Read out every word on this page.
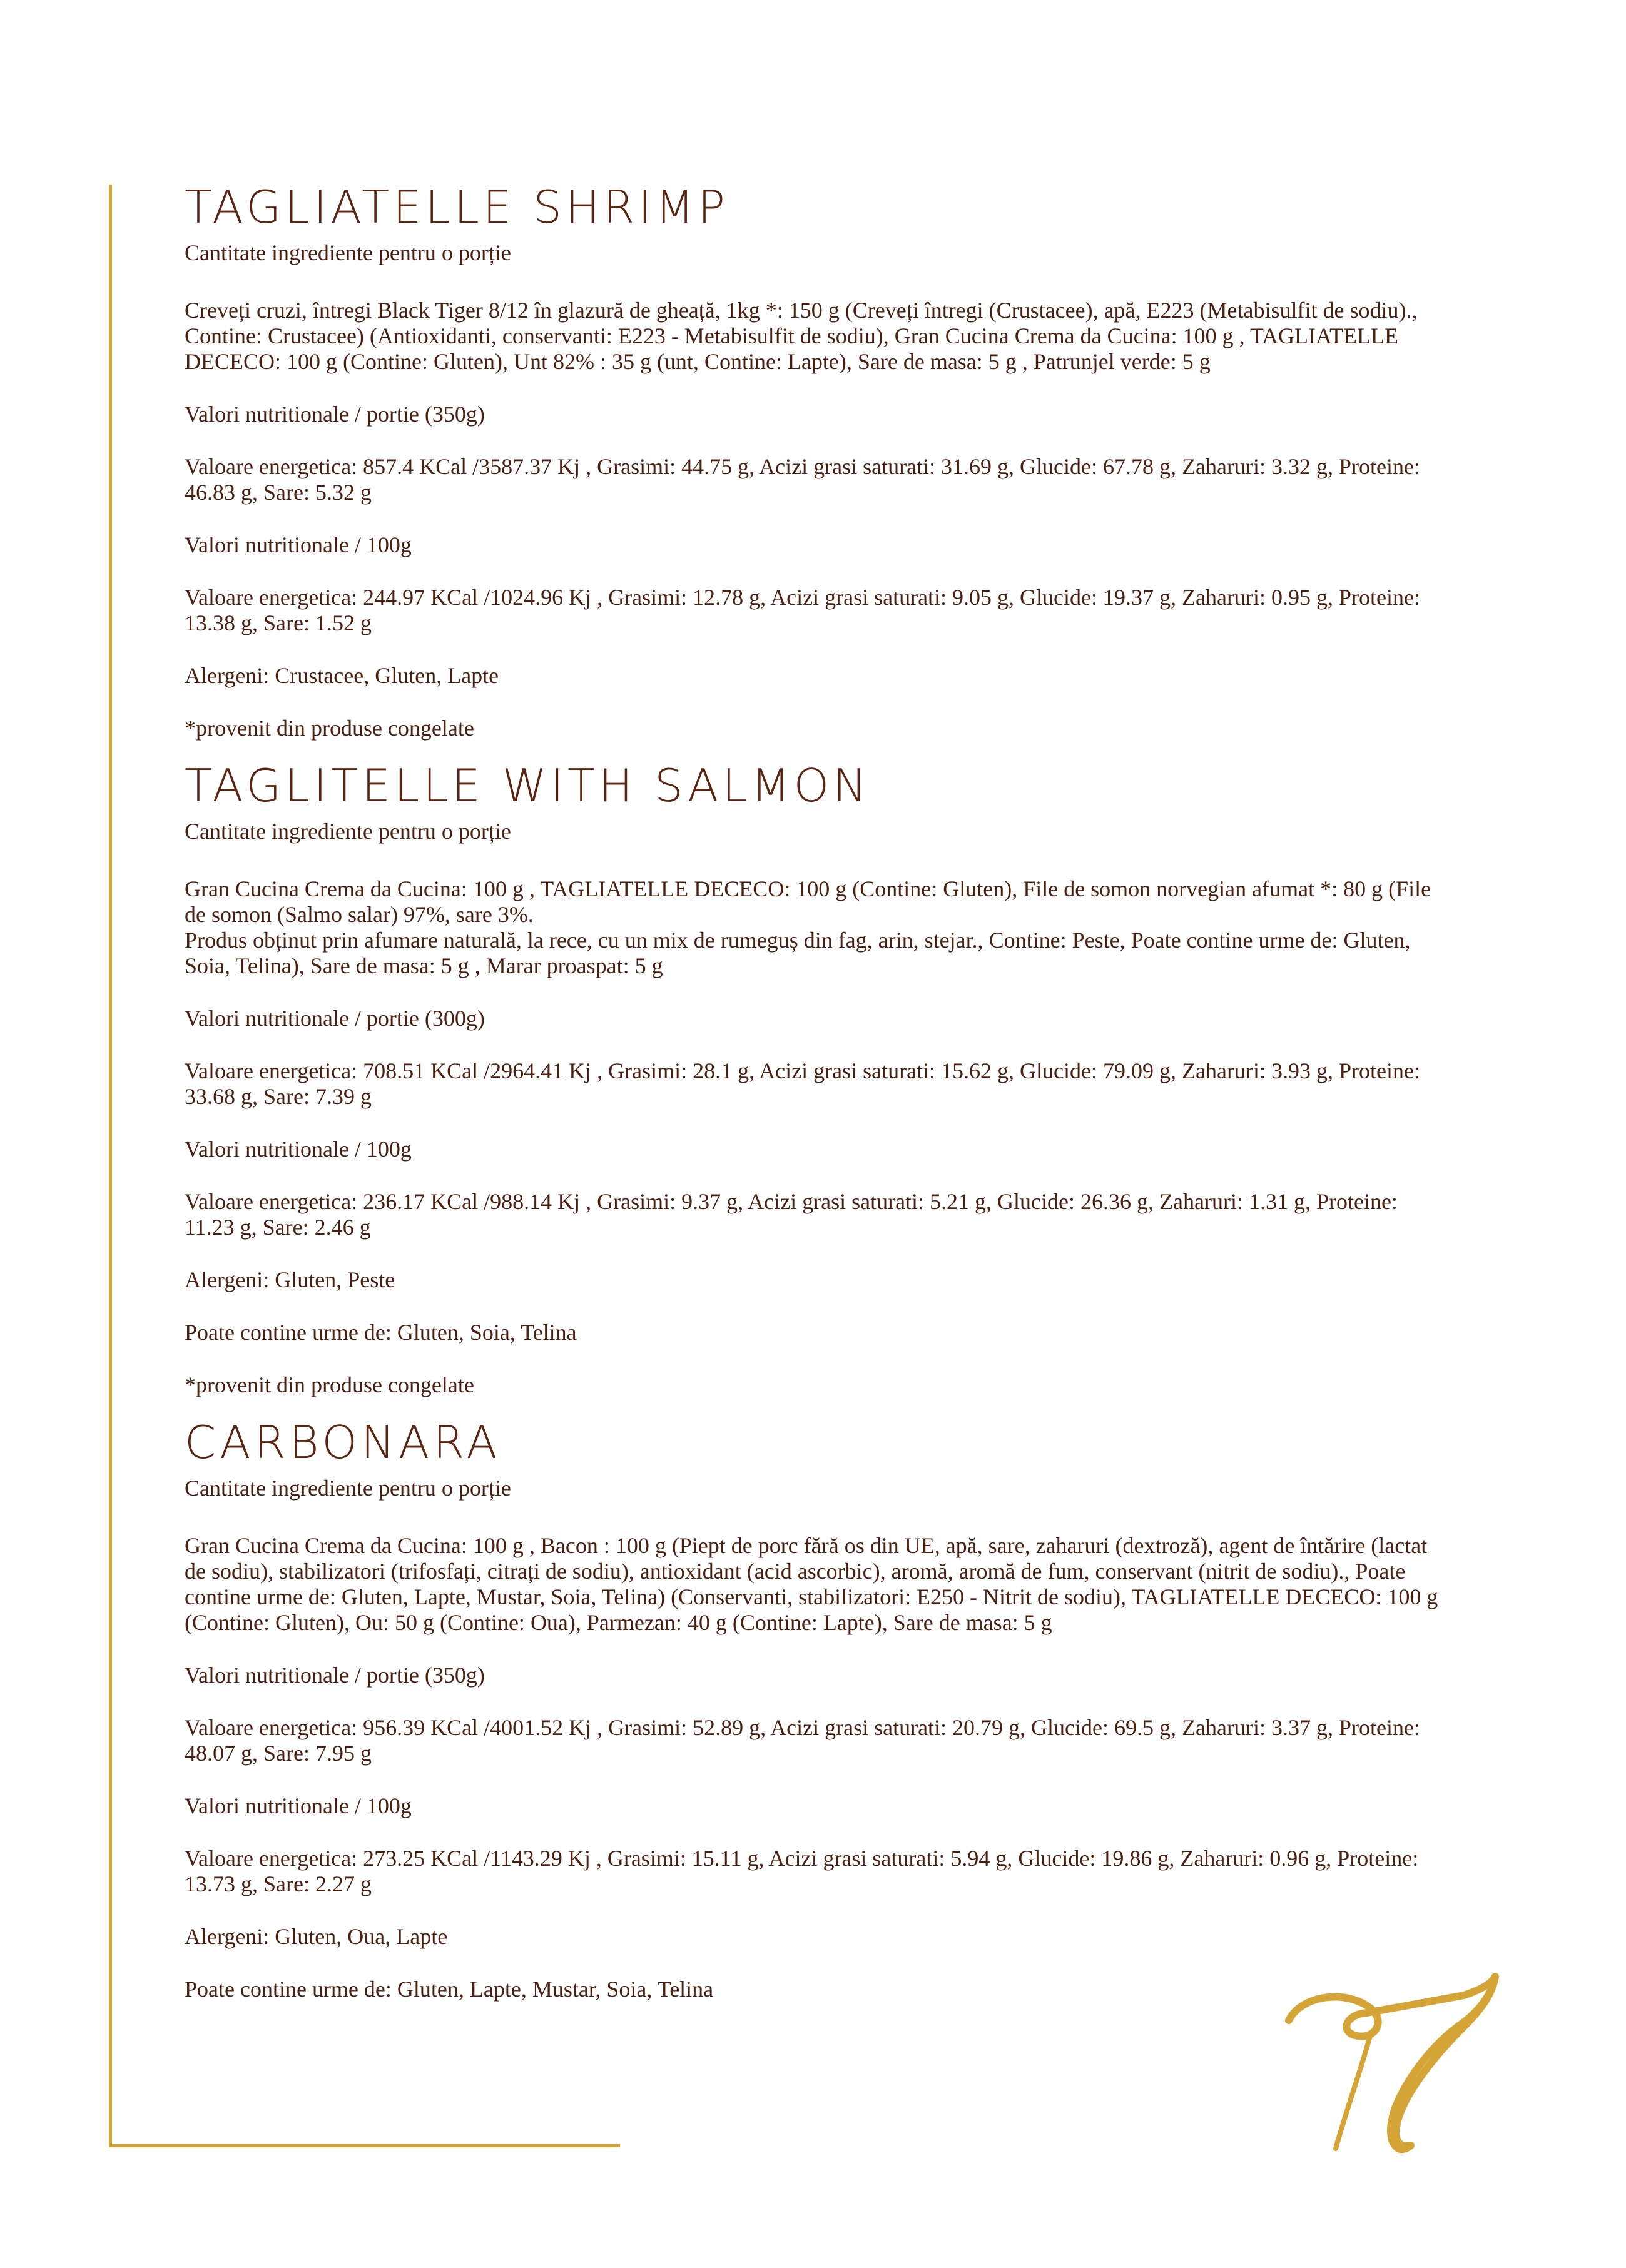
TAGLIATELLE SHRIMP

Cantitate ingrediente pentru o porție

Creveți cruzi, întregi Black Tiger 8/12 în glazură de gheață, 1kg *: 150 g (Creveți întregi (Crustacee), apă, E223 (Metabisulfit de sodiu)., Contine: Crustacee) (Antioxidanti, conservanti: E223 - Metabisulfit de sodiu), Gran Cucina Crema da Cucina: 100 g , TAGLIATELLE DECECO: 100 g (Contine: Gluten), Unt 82% : 35 g (unt, Contine: Lapte), Sare de masa: 5 g , Patrunjel verde: 5 g

Valori nutritionale / portie (350g)

Valoare energetica: 857.4 KCal /3587.37 Kj , Grasimi: 44.75 g, Acizi grasi saturati: 31.69 g, Glucide: 67.78 g, Zaharuri: 3.32 g, Proteine: 46.83 g, Sare: 5.32 g

Valori nutritionale / 100g

Valoare energetica: 244.97 KCal /1024.96 Kj , Grasimi: 12.78 g, Acizi grasi saturati: 9.05 g, Glucide: 19.37 g, Zaharuri: 0.95 g, Proteine: 13.38 g, Sare: 1.52 g

Alergeni: Crustacee, Gluten, Lapte

*provenit din produse congelate

TAGLITELLE WITH SALMON

Cantitate ingrediente pentru o porție

Gran Cucina Crema da Cucina: 100 g , TAGLIATELLE DECECO: 100 g (Contine: Gluten), File de somon norvegian afumat *: 80 g (File de somon (Salmo salar) 97%, sare 3%.

Produs obținut prin afumare naturală, la rece, cu un mix de rumeguș din fag, arin, stejar., Contine: Peste, Poate contine urme de: Gluten, Soia, Telina), Sare de masa: 5 g , Marar proaspat: 5 g

Valori nutritionale / portie (300g)

Valoare energetica: 708.51 KCal /2964.41 Kj , Grasimi: 28.1 g, Acizi grasi saturati: 15.62 g, Glucide: 79.09 g, Zaharuri: 3.93 g, Proteine: 33.68 g, Sare: 7.39 g

Valori nutritionale / 100g

Valoare energetica: 236.17 KCal /988.14 Kj , Grasimi: 9.37 g, Acizi grasi saturati: 5.21 g, Glucide: 26.36 g, Zaharuri: 1.31 g, Proteine: 11.23 g, Sare: 2.46 g

Alergeni: Gluten, Peste

Poate contine urme de: Gluten, Soia, Telina

*provenit din produse congelate

CARBONARA

Cantitate ingrediente pentru o porție

Gran Cucina Crema da Cucina: 100 g , Bacon : 100 g (Piept de porc fără os din UE, apă, sare, zaharuri (dextroză), agent de întărire (lactat de sodiu), stabilizatori (trifosfați, citrați de sodiu), antioxidant (acid ascorbic), aromă, aromă de fum, conservant (nitrit de sodiu)., Poate contine urme de: Gluten, Lapte, Mustar, Soia, Telina) (Conservanti, stabilizatori: E250 - Nitrit de sodiu), TAGLIATELLE DECECO: 100 g (Contine: Gluten), Ou: 50 g (Contine: Oua), Parmezan: 40 g (Contine: Lapte), Sare de masa: 5 g

Valori nutritionale / portie (350g)

Valoare energetica: 956.39 KCal /4001.52 Kj , Grasimi: 52.89 g, Acizi grasi saturati: 20.79 g, Glucide: 69.5 g, Zaharuri: 3.37 g, Proteine: 48.07 g, Sare: 7.95 g

Valori nutritionale / 100g

Valoare energetica: 273.25 KCal /1143.29 Kj , Grasimi: 15.11 g, Acizi grasi saturati: 5.94 g, Glucide: 19.86 g, Zaharuri: 0.96 g, Proteine: 13.73 g, Sare: 2.27 g

Alergeni: Gluten, Oua, Lapte

Poate contine urme de: Gluten, Lapte, Mustar, Soia, Telina
